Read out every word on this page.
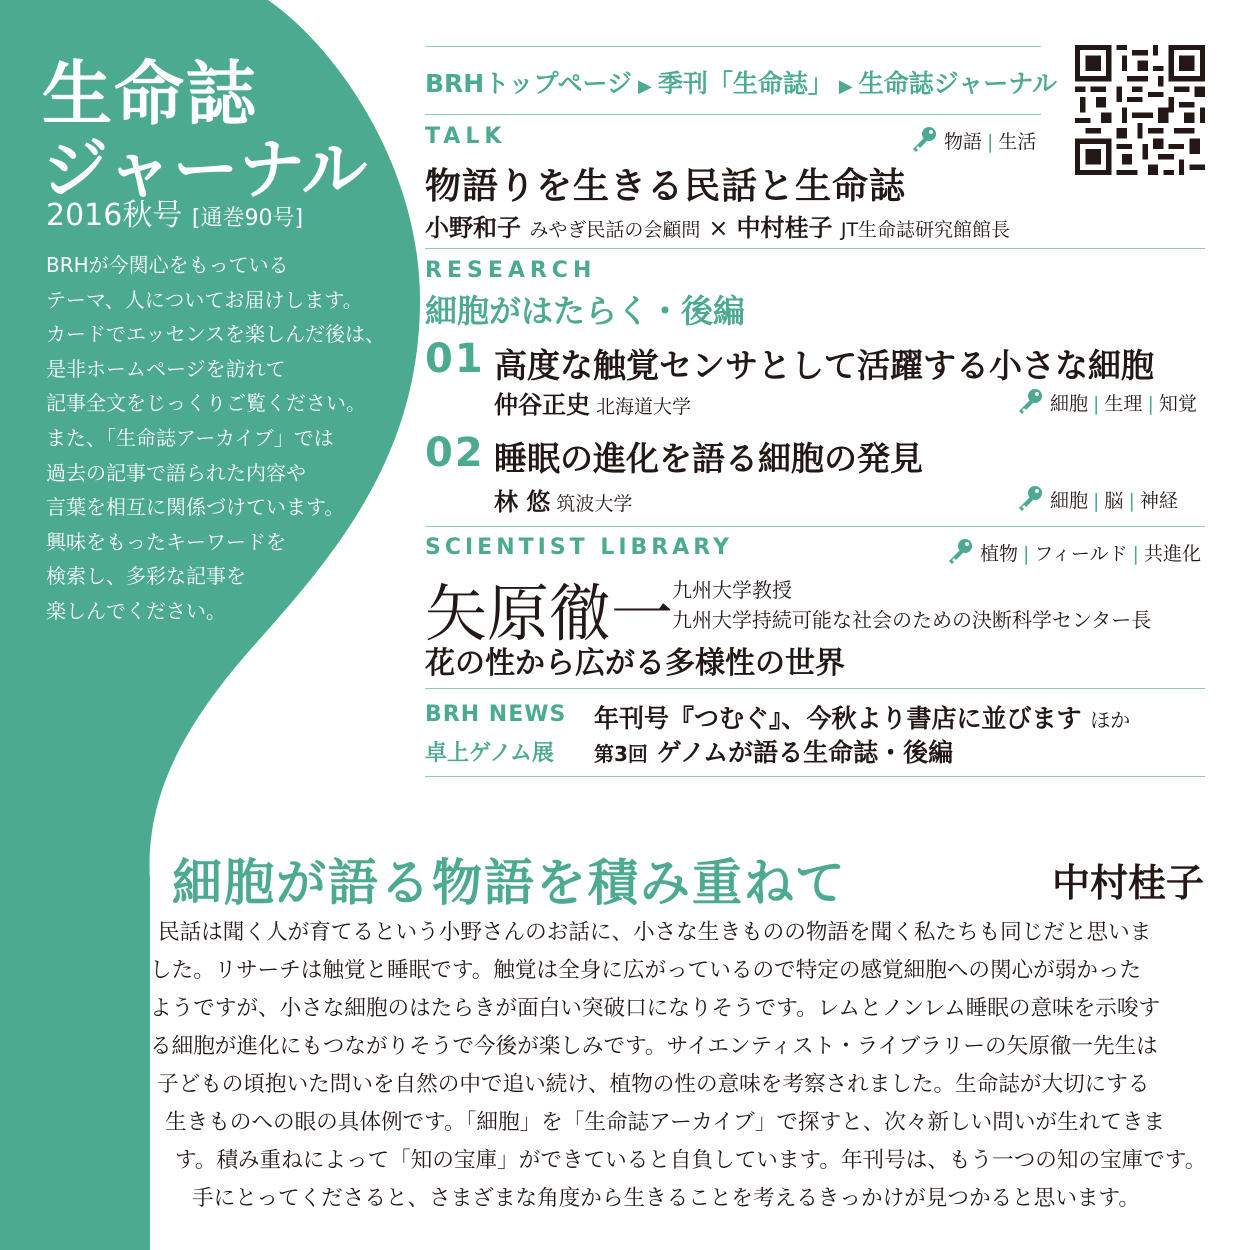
生命誌
ジャーナル
2016秋号 [通巻90号]
BRHが今関心をもっている
テーマ、人についてお届けします。
カードでエッセンスを楽しんだ後は、
是非ホームページを訪れて
記事全文をじっくりご覧ください。
また、「生命誌アーカイブ」では
過去の記事で語られた内容や
言葉を相互に関係づけています。
興味をもったキーワードを
検索し、多彩な記事を
楽しんでください。
BRHトップページ ▶ 季刊「生命誌」 ▶ 生命誌ジャーナル
TALK	物語 | 生活
物語りを生きる民話と生命誌
小野和子 みやぎ民話の会顧問 × 中村桂子 JT生命誌研究館館長
RESEARCH
細胞がはたらく・後編
01 高度な触覚センサとして活躍する小さな細胞
仲谷正史 北海道大学	細胞 | 生理 | 知覚
02 睡眠の進化を語る細胞の発見
林 悠 筑波大学	細胞 | 脳 | 神経
SCIENTIST LIBRARY	植物 | フィールド | 共進化
矢原徹一
九州大学教授
九州大学持続可能な社会のための決断科学センター長
花の性から広がる多様性の世界
BRH NEWS 年刊号『つむぐ』、今秋より書店に並びます ほか
卓上ゲノム展 第3回 ゲノムが語る生命誌・後編
細胞が語る物語を積み重ねて	中村桂子
民話は聞く人が育てるという小野さんのお話に、小さな生きものの物語を聞く私たちも同じだと思いま
した。リサーチは触覚と睡眠です。触覚は全身に広がっているので特定の感覚細胞への関心が弱かった
ようですが、小さな細胞のはたらきが面白い突破口になりそうです。レムとノンレム睡眠の意味を示唆す
る細胞が進化にもつながりそうで今後が楽しみです。サイエンティスト・ライブラリーの矢原徹一先生は
子どもの頃抱いた問いを自然の中で追い続け、植物の性の意味を考察されました。生命誌が大切にする
生きものへの眼の具体例です。「細胞」を「生命誌アーカイブ」で探すと、次々新しい問いが生れてきま
す。積み重ねによって「知の宝庫」ができていると自負しています。年刊号は、もう一つの知の宝庫です。
手にとってくださると、さまざまな角度から生きることを考えるきっかけが見つかると思います。
